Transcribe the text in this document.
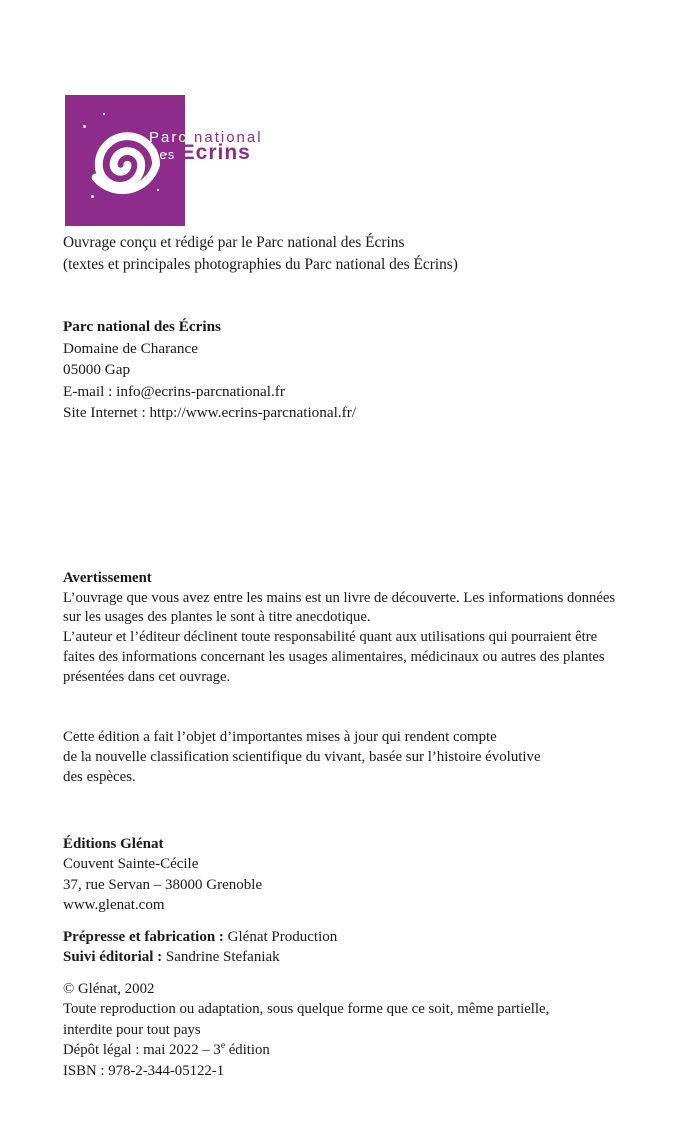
Parc national
des Ecrins
Ouvrage conçu et rédigé par le Parc national des Écrins
(textes et principales photographies du Parc national des Écrins)
Parc national des Écrins
Domaine de Charance
05000 Gap
E-mail : info@ecrins-parcnational.fr
Site Internet : http://www.ecrins-parcnational.fr/
Avertissement
L’ouvrage que vous avez entre les mains est un livre de découverte. Les informations données
sur les usages des plantes le sont à titre anecdotique.
L’auteur et l’éditeur déclinent toute responsabilité quant aux utilisations qui pourraient être
faites des informations concernant les usages alimentaires, médicinaux ou autres des plantes
présentées dans cet ouvrage.
Cette édition a fait l’objet d’importantes mises à jour qui rendent compte
de la nouvelle classification scientifique du vivant, basée sur l’histoire évolutive
des espèces.
Éditions Glénat
Couvent Sainte-Cécile
37, rue Servan – 38000 Grenoble
www.glenat.com
Prépresse et fabrication : Glénat Production
Suivi éditorial : Sandrine Stefaniak
© Glénat, 2002
Toute reproduction ou adaptation, sous quelque forme que ce soit, même partielle,
interdite pour tout pays
Dépôt légal : mai 2022 – 3e édition
ISBN : 978-2-344-05122-1
